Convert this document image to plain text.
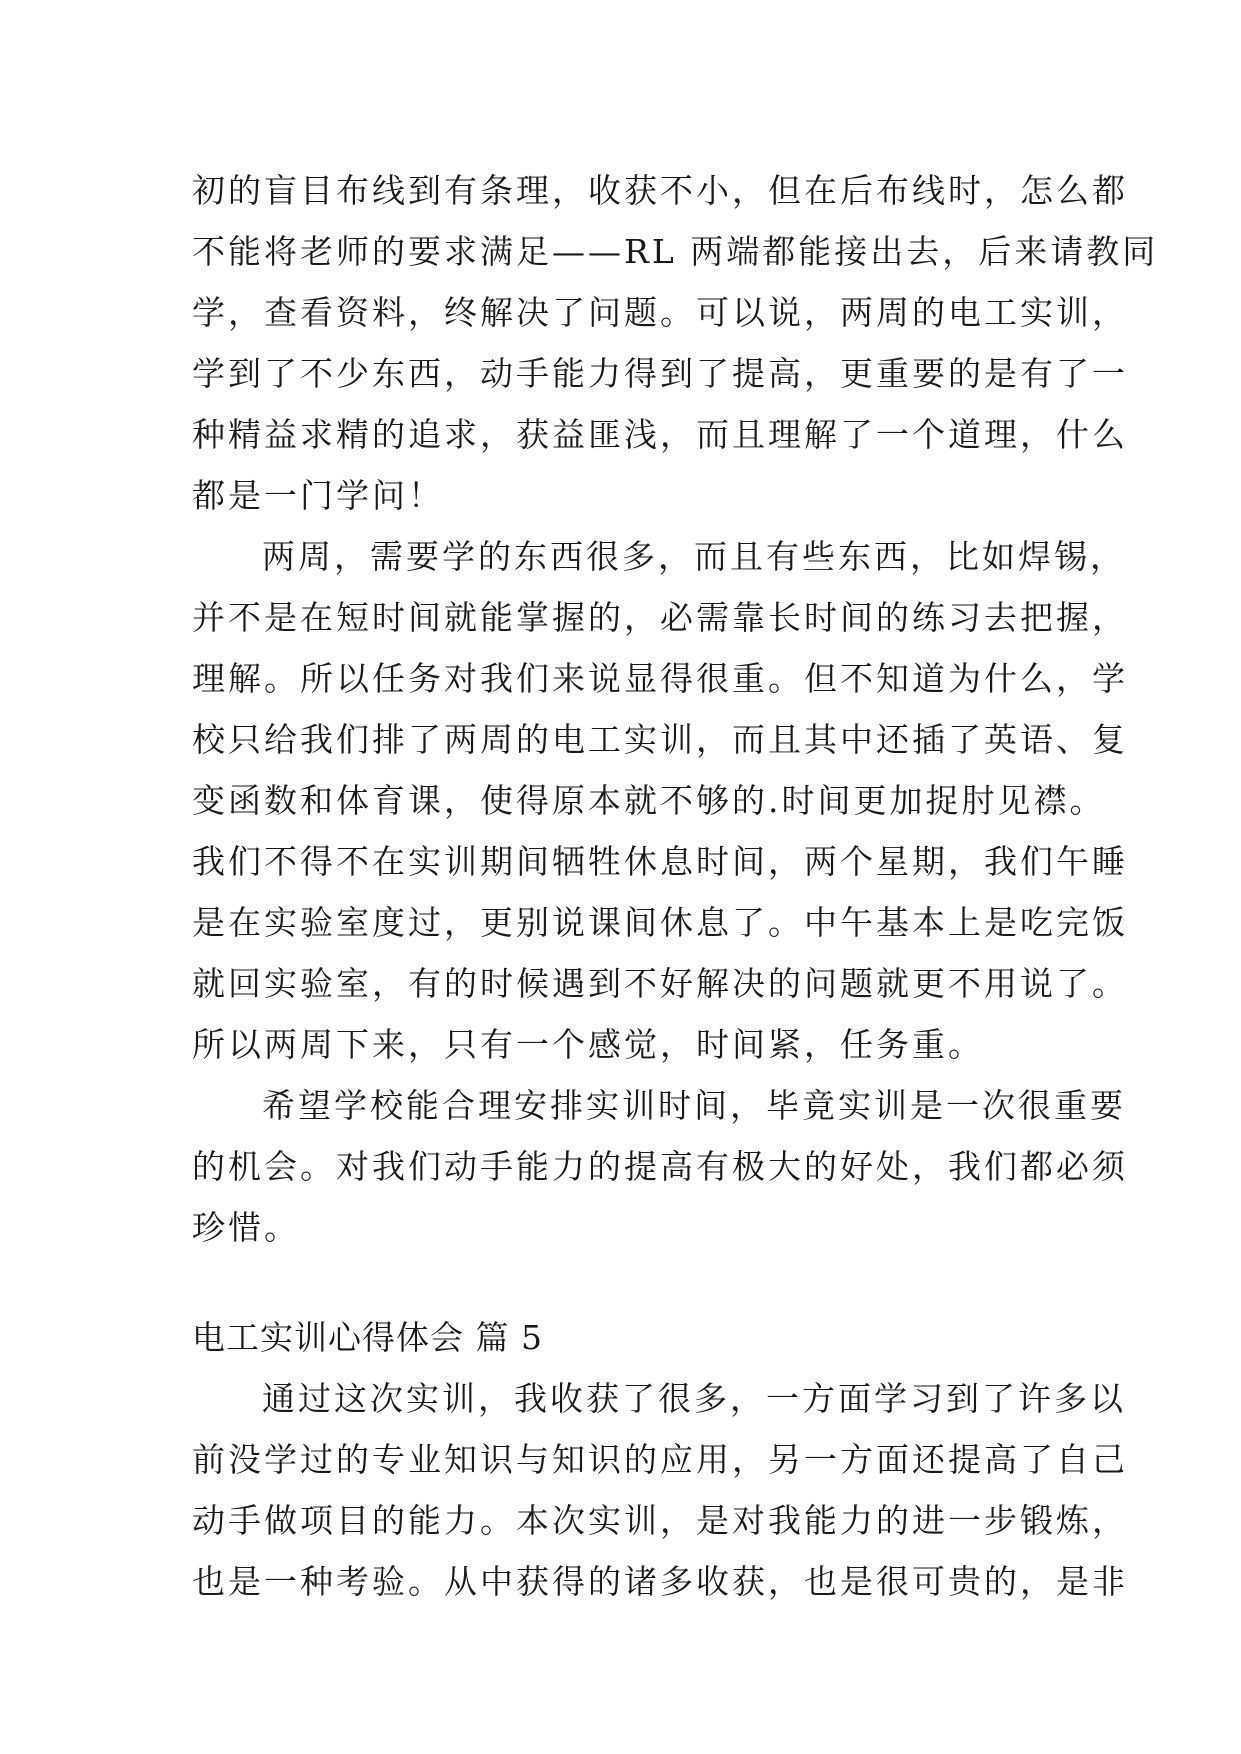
初的盲目布线到有条理，收获不小，但在后布线时，怎么都
不能将老师的要求满足——RL 两端都能接出去，后来请教同
学，查看资料，终解决了问题。可以说，两周的电工实训，
学到了不少东西，动手能力得到了提高，更重要的是有了一
种精益求精的追求，获益匪浅，而且理解了一个道理，什么
都是一门学问！
两周，需要学的东西很多，而且有些东西，比如焊锡，
并不是在短时间就能掌握的，必需靠长时间的练习去把握，
理解。所以任务对我们来说显得很重。但不知道为什么，学
校只给我们排了两周的电工实训，而且其中还插了英语、复
变函数和体育课，使得原本就不够的.时间更加捉肘见襟。
我们不得不在实训期间牺牲休息时间，两个星期，我们午睡
是在实验室度过，更别说课间休息了。中午基本上是吃完饭
就回实验室，有的时候遇到不好解决的问题就更不用说了。
所以两周下来，只有一个感觉，时间紧，任务重。
希望学校能合理安排实训时间，毕竟实训是一次很重要
的机会。对我们动手能力的提高有极大的好处，我们都必须
珍惜。
电工实训心得体会 篇 5
通过这次实训，我收获了很多，一方面学习到了许多以
前没学过的专业知识与知识的应用，另一方面还提高了自己
动手做项目的能力。本次实训，是对我能力的进一步锻炼，
也是一种考验。从中获得的诸多收获，也是很可贵的，是非
